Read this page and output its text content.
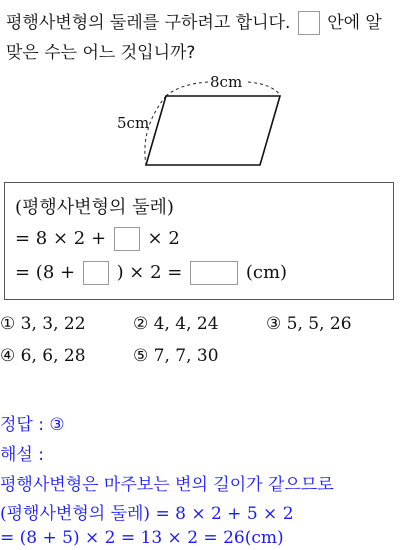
평행사변형의 둘레를 구하려고 합니다. 안에 알
맞은 수는 어느 것입니까?
8cm
5cm
(평행사변형의 둘레)
= 8 × 2 + × 2
= (8 + ) × 2 =	(cm)
① 3, 3, 22	② 4, 4, 24	③ 5, 5, 26
④ 6, 6, 28	⑤ 7, 7, 30
정답 : ③
해설 :
평행사변형은 마주보는 변의 길이가 같으므로
(평행사변형의 둘레) = 8 × 2 + 5 × 2
= (8 + 5) × 2 = 13 × 2 = 26(cm)
